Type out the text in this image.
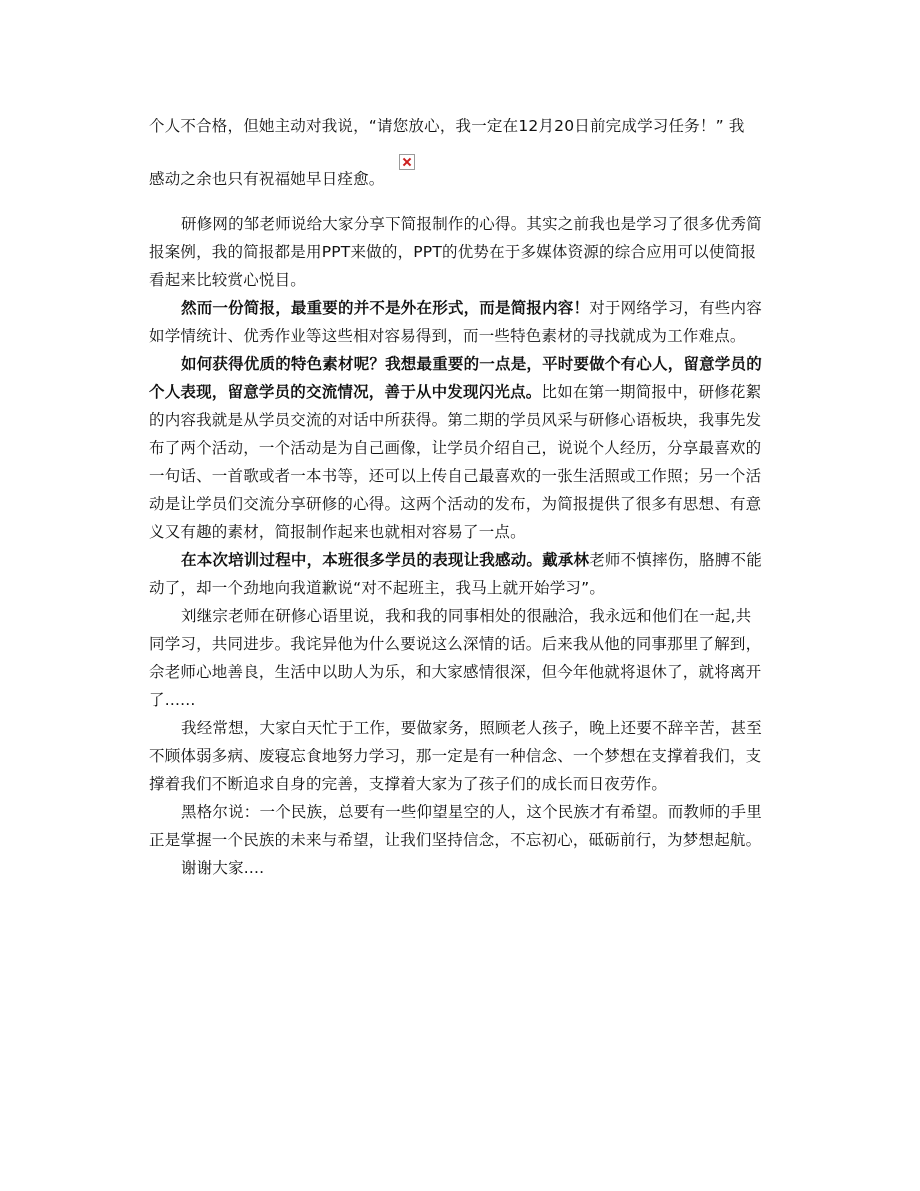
个人不合格，但她主动对我说，“请您放心，我一定在12月20日前完成学习任务！” 我
感动之余也只有祝福她早日痊愈。
研修网的邹老师说给大家分享下简报制作的心得。其实之前我也是学习了很多优秀简
报案例，我的简报都是用PPT来做的，PPT的优势在于多媒体资源的综合应用可以使简报
看起来比较赏心悦目。
然而一份简报，最重要的并不是外在形式，而是简报内容！对于网络学习，有些内容
如学情统计、优秀作业等这些相对容易得到，而一些特色素材的寻找就成为工作难点。
如何获得优质的特色素材呢？我想最重要的一点是，平时要做个有心人，留意学员的
个人表现，留意学员的交流情况，善于从中发现闪光点。比如在第一期简报中，研修花絮
的内容我就是从学员交流的对话中所获得。第二期的学员风采与研修心语板块，我事先发
布了两个活动，一个活动是为自己画像，让学员介绍自己，说说个人经历，分享最喜欢的
一句话、一首歌或者一本书等，还可以上传自己最喜欢的一张生活照或工作照；另一个活
动是让学员们交流分享研修的心得。这两个活动的发布，为简报提供了很多有思想、有意
义又有趣的素材，简报制作起来也就相对容易了一点。
在本次培训过程中，本班很多学员的表现让我感动。戴承林老师不慎摔伤，胳膊不能
动了，却一个劲地向我道歉说“对不起班主，我马上就开始学习”。
刘继宗老师在研修心语里说，我和我的同事相处的很融洽，我永远和他们在一起,共
同学习，共同进步。我诧异他为什么要说这么深情的话。后来我从他的同事那里了解到，
佘老师心地善良，生活中以助人为乐，和大家感情很深，但今年他就将退休了，就将离开
了......
我经常想，大家白天忙于工作，要做家务，照顾老人孩子，晚上还要不辞辛苦，甚至
不顾体弱多病、废寝忘食地努力学习，那一定是有一种信念、一个梦想在支撑着我们，支
撑着我们不断追求自身的完善，支撑着大家为了孩子们的成长而日夜劳作。
黑格尔说：一个民族，总要有一些仰望星空的人，这个民族才有希望。而教师的手里
正是掌握一个民族的未来与希望，让我们坚持信念，不忘初心，砥砺前行，为梦想起航。
谢谢大家....
